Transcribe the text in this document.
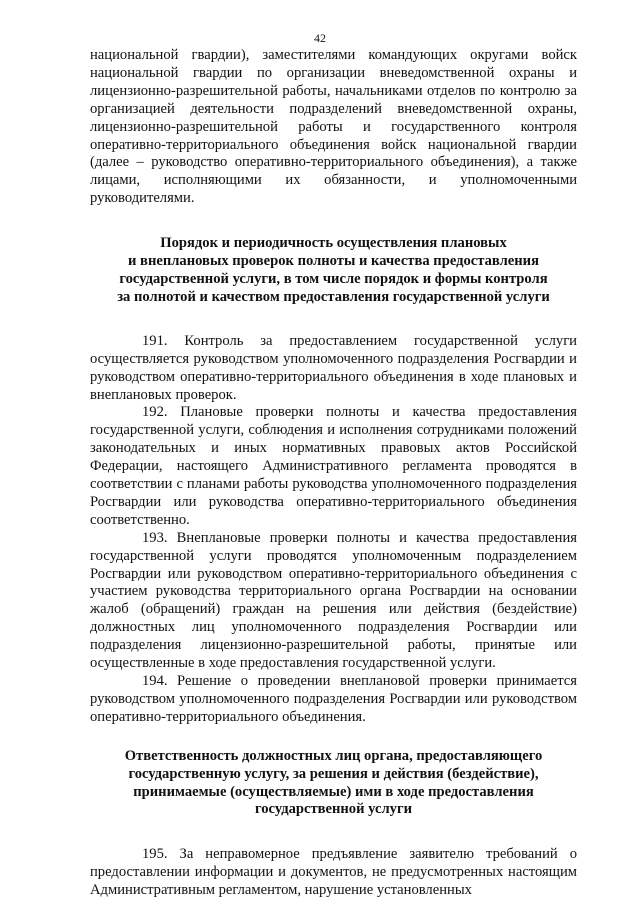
42

национальной гвардии), заместителями командующих округами войск национальной гвардии по организации вневедомственной охраны и лицензионно-разрешительной работы, начальниками отделов по контролю за организацией деятельности подразделений вневедомственной охраны, лицензионно-разрешительной работы и государственного контроля оперативно-территориального объединения войск национальной гвардии (далее – руководство оперативно-территориального объединения), а также лицами, исполняющими их обязанности, и уполномоченными руководителями.

Порядок и периодичность осуществления плановых
и внеплановых проверок полноты и качества предоставления
государственной услуги, в том числе порядок и формы контроля
за полнотой и качеством предоставления государственной услуги

191. Контроль за предоставлением государственной услуги осуществляется руководством уполномоченного подразделения Росгвардии и руководством оперативно-территориального объединения в ходе плановых и внеплановых проверок.

192. Плановые проверки полноты и качества предоставления государственной услуги, соблюдения и исполнения сотрудниками положений законодательных и иных нормативных правовых актов Российской Федерации, настоящего Административного регламента проводятся в соответствии с планами работы руководства уполномоченного подразделения Росгвардии или руководства оперативно-территориального объединения соответственно.

193. Внеплановые проверки полноты и качества предоставления государственной услуги проводятся уполномоченным подразделением Росгвардии или руководством оперативно-территориального объединения с участием руководства территориального органа Росгвардии на основании жалоб (обращений) граждан на решения или действия (бездействие) должностных лиц уполномоченного подразделения Росгвардии или подразделения лицензионно-разрешительной работы, принятые или осуществленные в ходе предоставления государственной услуги.

194. Решение о проведении внеплановой проверки принимается руководством уполномоченного подразделения Росгвардии или руководством оперативно-территориального объединения.

Ответственность должностных лиц органа, предоставляющего
государственную услугу, за решения и действия (бездействие),
принимаемые (осуществляемые) ими в ходе предоставления
государственной услуги

195. За неправомерное предъявление заявителю требований о предоставлении информации и документов, не предусмотренных настоящим Административным регламентом, нарушение установленных
